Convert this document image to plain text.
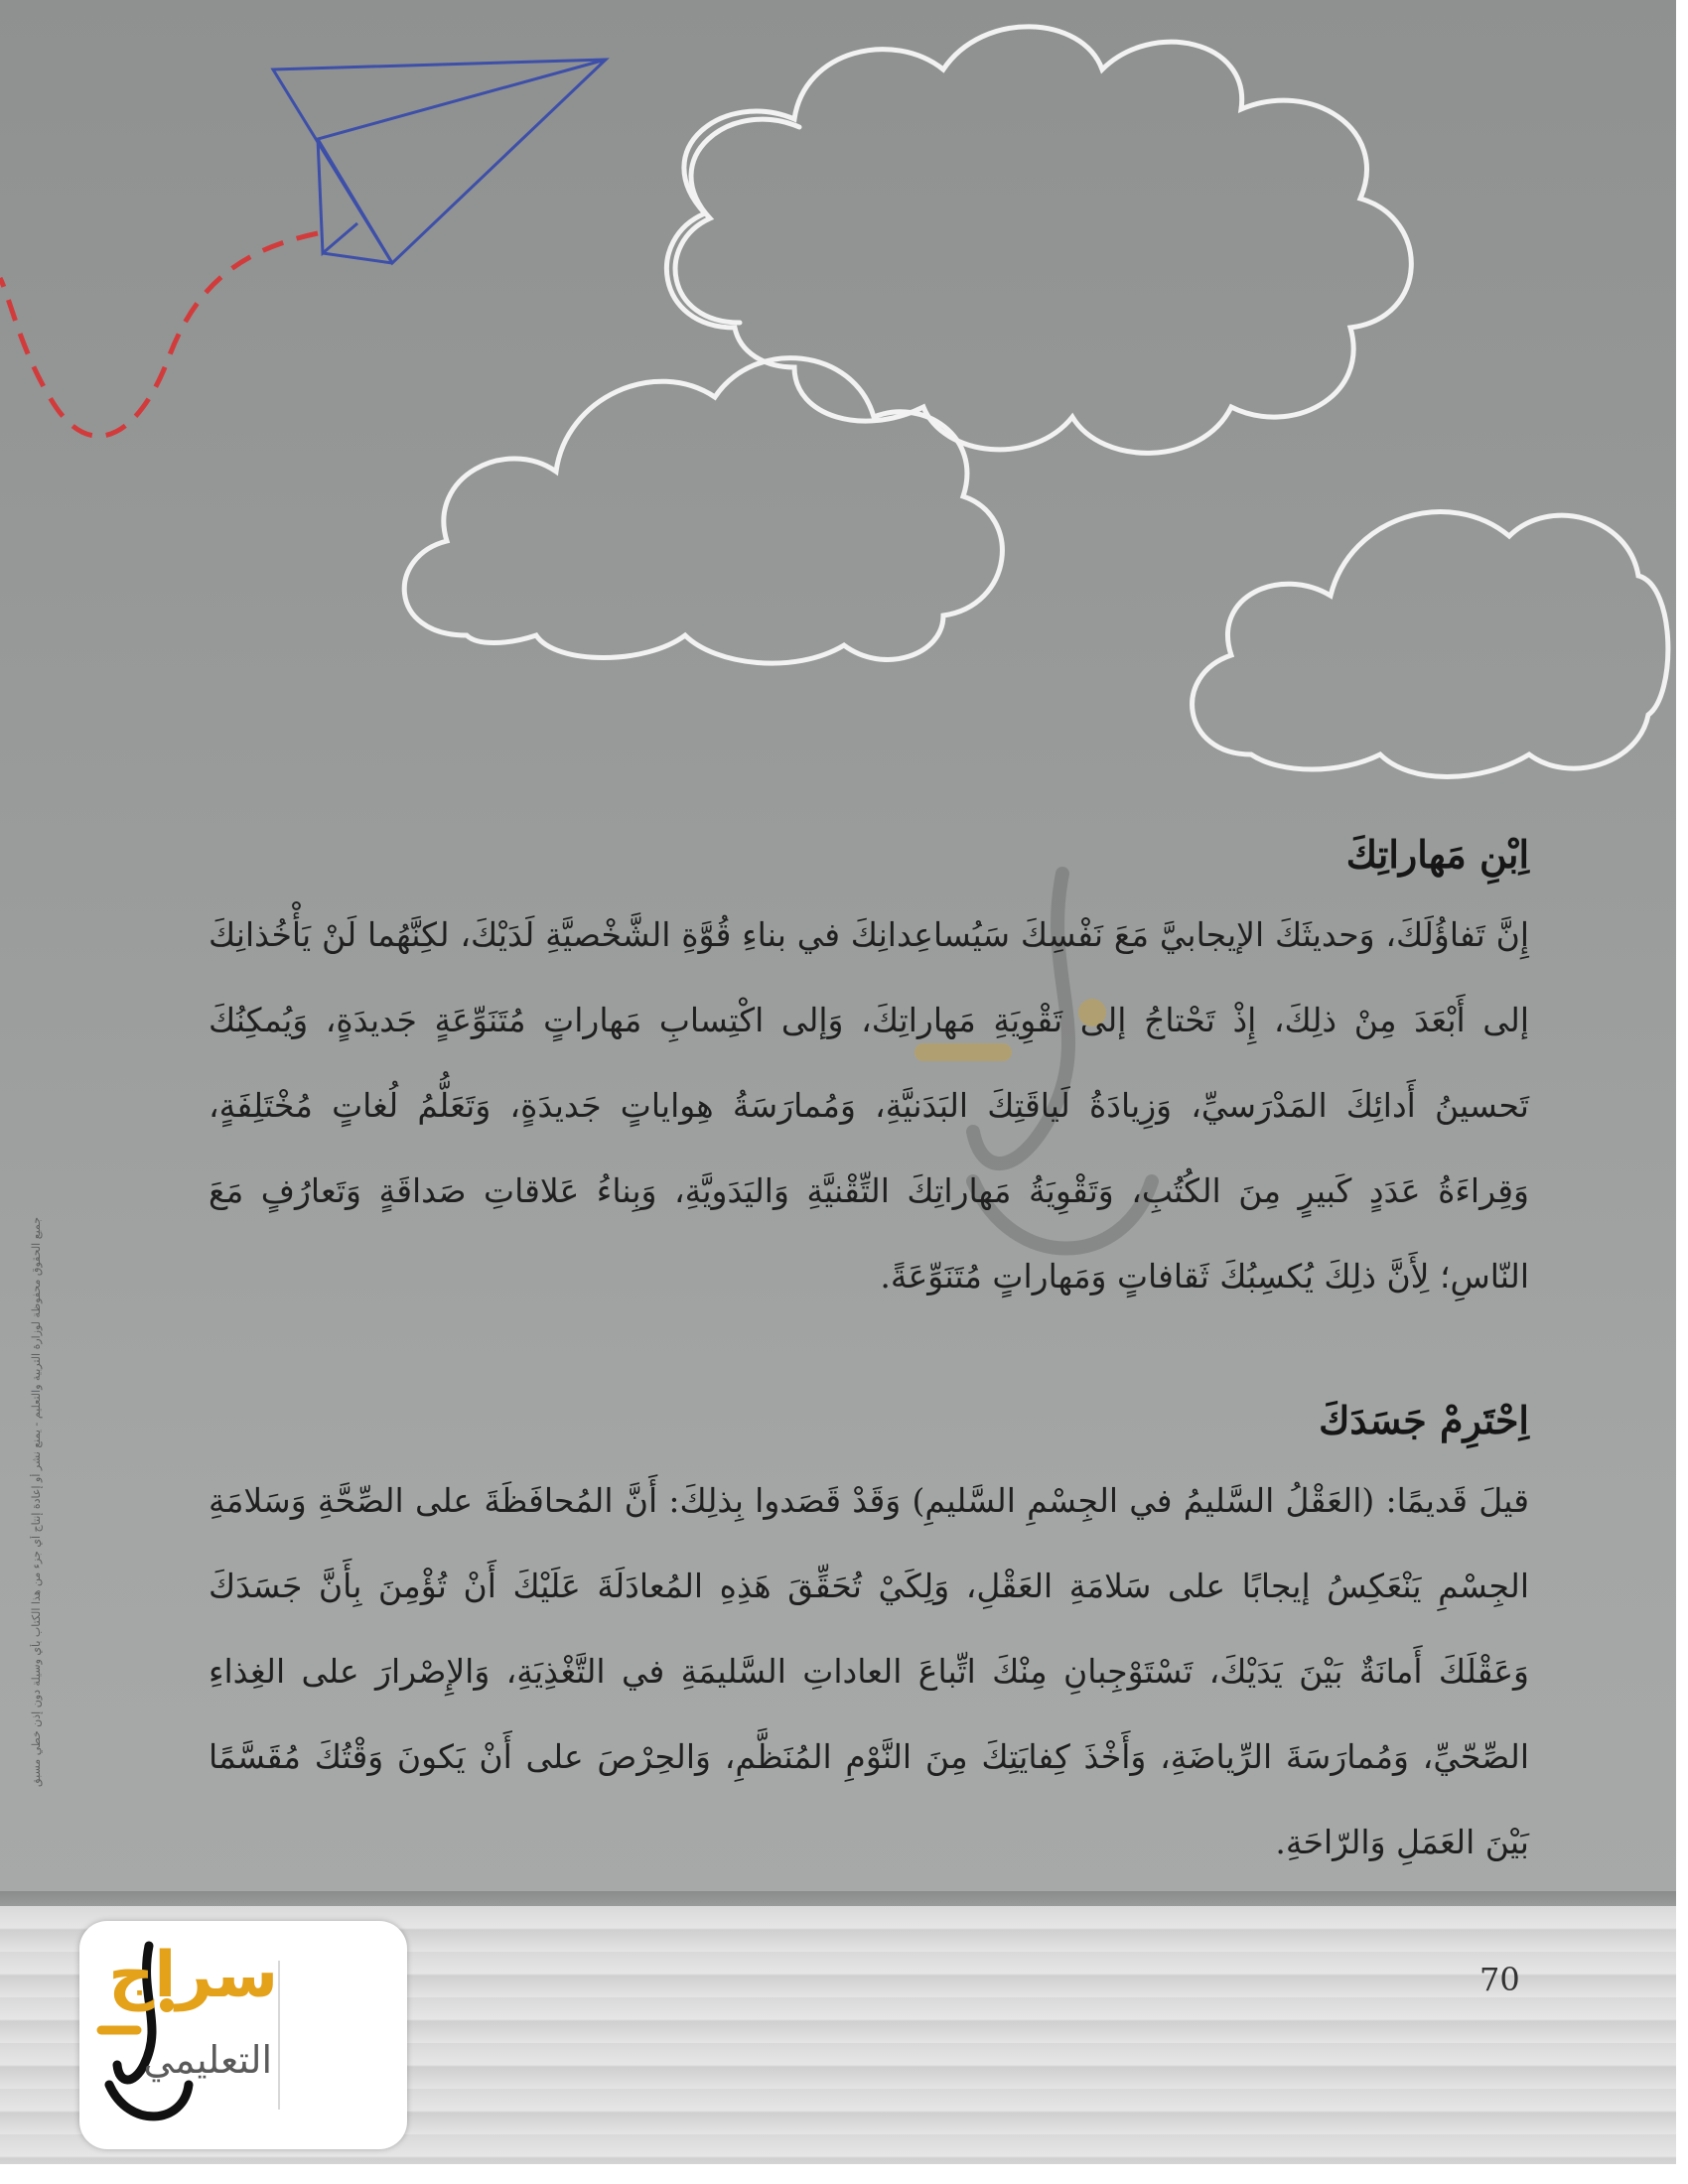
جميع الحقوق محفوظة لوزارة التربية والتعليم - يمنع نشر أو إعادة إنتاج أي جزء من هذا الكتاب بأي وسيلة دون إذن خطي مسبق
اِبْنِ مَهاراتِكَ

إِنَّ تَفاؤُلَكَ، وَحديثَكَ الإيجابيَّ مَعَ نَفْسِكَ سَيُساعِدانِكَ في بناءِ قُوَّةِ الشَّخْصيَّةِ لَدَيْكَ، لكِنَّهُما لَنْ يَأْخُذانِكَ إلى أَبْعَدَ مِنْ ذلِكَ، إِذْ تَحْتاجُ إلى تَقْوِيَةِ مَهاراتِكَ، وَإلى اكْتِسابِ مَهاراتٍ مُتَنَوِّعَةٍ جَديدَةٍ، وَيُمكِنُكَ تَحسينُ أَدائِكَ المَدْرَسيِّ، وَزِيادَةُ لَياقَتِكَ البَدَنيَّةِ، وَمُمارَسَةُ هِواياتٍ جَديدَةٍ، وَتَعَلُّمُ لُغاتٍ مُخْتَلِفَةٍ، وَقِراءَةُ عَدَدٍ كَبيرٍ مِنَ الكُتُبِ، وَتَقْوِيَةُ مَهاراتِكَ التِّقْنيَّةِ وَاليَدَويَّةِ، وَبِناءُ عَلاقاتِ صَداقَةٍ وَتَعارُفٍ مَعَ النّاسِ؛ لِأَنَّ ذلِكَ يُكسِبُكَ ثَقافاتٍ وَمَهاراتٍ مُتَنَوِّعَةً.

اِحْتَرِمْ جَسَدَكَ

قيلَ قَديمًا: (العَقْلُ السَّليمُ في الجِسْمِ السَّليمِ) وَقَدْ قَصَدوا بِذلِكَ: أَنَّ المُحافَظَةَ على الصِّحَّةِ وَسَلامَةِ الجِسْمِ يَنْعَكِسُ إيجابًا على سَلامَةِ العَقْلِ، وَلِكَيْ تُحَقِّقَ هَذِهِ المُعادَلَةَ عَلَيْكَ أَنْ تُؤْمِنَ بِأَنَّ جَسَدَكَ وَعَقْلَكَ أَمانَةٌ بَيْنَ يَدَيْكَ، تَسْتَوْجِبانِ مِنْكَ اتِّباعَ العاداتِ السَّليمَةِ في التَّغْذِيَةِ، وَالإِصْرارَ على الغِذاءِ الصِّحّيِّ، وَمُمارَسَةَ الرِّياضَةِ، وَأَخْذَ كِفايَتِكَ مِنَ النَّوْمِ المُنَظَّمِ، وَالحِرْصَ على أَنْ يَكونَ وَقْتُكَ مُقَسَّمًا بَيْنَ العَمَلِ وَالرّاحَةِ.

70
سراج
التعليمي
